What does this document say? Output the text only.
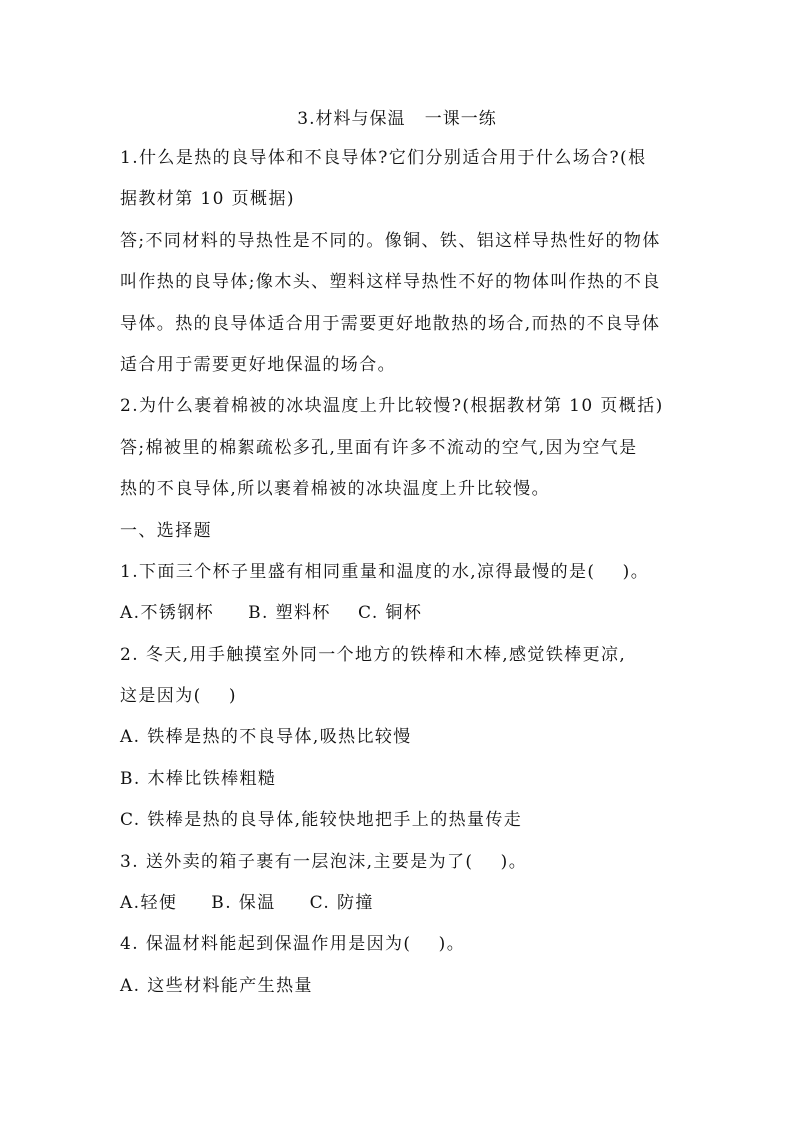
3.材料与保温   一课一练
1.什么是热的良导体和不良导体?它们分别适合用于什么场合?(根
据教材第 10 页概据)
答;不同材料的导热性是不同的。像铜、铁、铝这样导热性好的物体
叫作热的良导体;像木头、塑料这样导热性不好的物体叫作热的不良
导体。热的良导体适合用于需要更好地散热的场合,而热的不良导体
适合用于需要更好地保温的场合。
2.为什么裹着棉被的冰块温度上升比较慢?(根据教材第 10 页概括)
答;棉被里的棉絮疏松多孔,里面有许多不流动的空气,因为空气是
热的不良导体,所以裹着棉被的冰块温度上升比较慢。
一、选择题
1.下面三个杯子里盛有相同重量和温度的水,凉得最慢的是(    )。
A.不锈钢杯     B. 塑料杯    C. 铜杯
2. 冬天,用手触摸室外同一个地方的铁棒和木棒,感觉铁棒更凉,
这是因为(    )
A. 铁棒是热的不良导体,吸热比较慢
B. 木棒比铁棒粗糙
C. 铁棒是热的良导体,能较快地把手上的热量传走
3. 送外卖的箱子裹有一层泡沫,主要是为了(    )。
A.轻便     B. 保温     C. 防撞
4. 保温材料能起到保温作用是因为(    )。
A. 这些材料能产生热量
